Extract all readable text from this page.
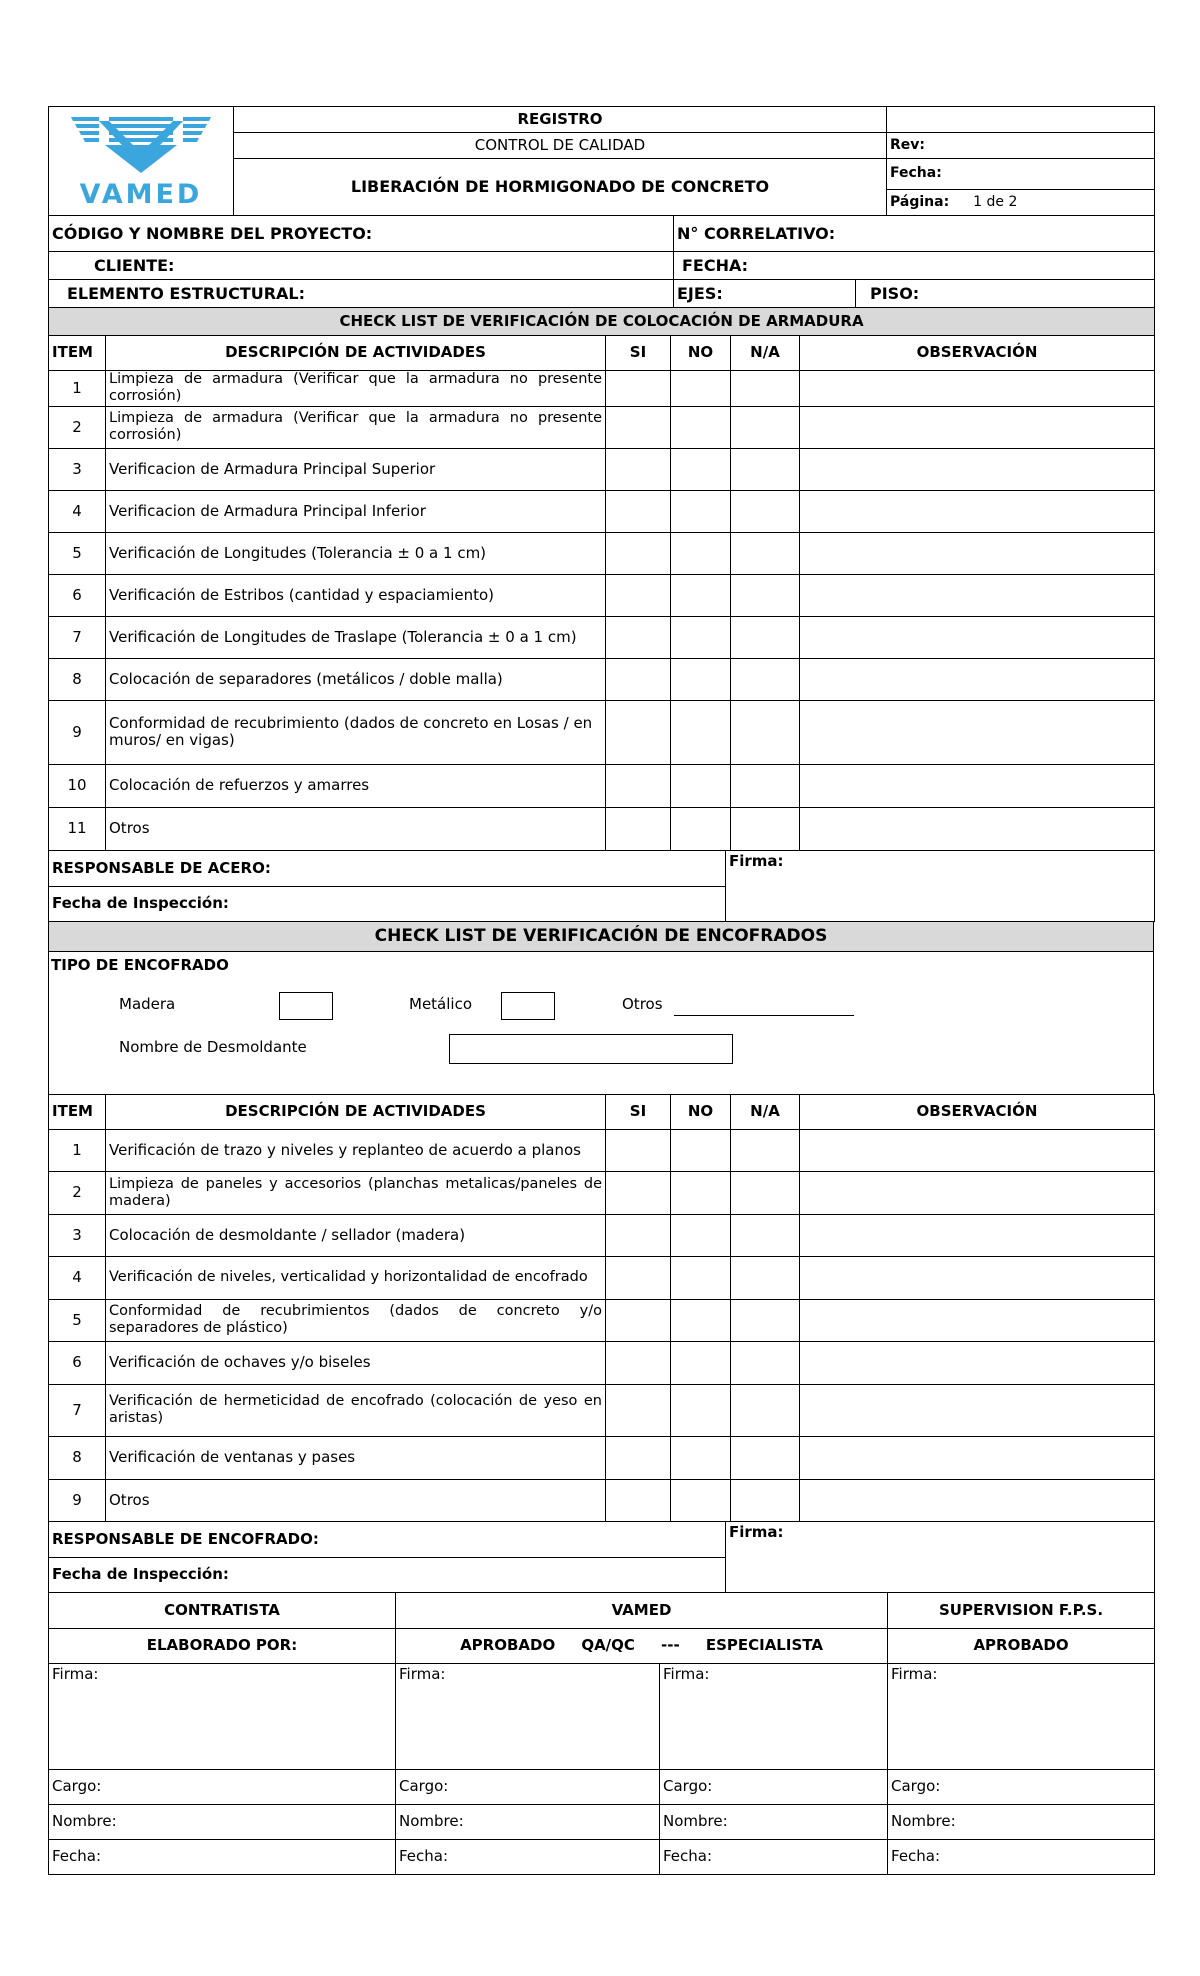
VAMED	REGISTRO	
	CONTROL DE CALIDAD	Rev:
	LIBERACIÓN DE HORMIGONADO DE CONCRETO	Fecha:
		Página: 1 de 2
CÓDIGO Y NOMBRE DEL PROYECTO:	N° CORRELATIVO:
CLIENTE:	FECHA:
ELEMENTO ESTRUCTURAL:	EJES:	PISO:
CHECK LIST DE VERIFICACIÓN DE COLOCACIÓN DE ARMADURA					
ITEM	DESCRIPCIÓN DE ACTIVIDADES	SI	NO	N/A	OBSERVACIÓN
1	Limpieza de armadura (Verificar que la armadura no presente corrosión)				
2	Limpieza de armadura (Verificar que la armadura no presente corrosión)				
3	Verificacion de Armadura Principal Superior				
4	Verificacion de Armadura Principal Inferior				
5	Verificación de Longitudes (Tolerancia ± 0 a 1 cm)				
6	Verificación de Estribos (cantidad y espaciamiento)				
7	Verificación de Longitudes de Traslape (Tolerancia ± 0 a 1 cm)				
8	Colocación de separadores (metálicos / doble malla)				
9	Conformidad de recubrimiento (dados de concreto en Losas / en muros/ en vigas)				
10	Colocación de refuerzos y amarres				
11	Otros				
RESPONSABLE DE ACERO:	Firma:
Fecha de Inspección:
CHECK LIST DE VERIFICACIÓN DE ENCOFRADOS

TIPO DE ENCOFRADO
Madera	Metálico	Otros
Nombre de Desmoldante
ITEM	DESCRIPCIÓN DE ACTIVIDADES	SI	NO	N/A	OBSERVACIÓN
1	Verificación de trazo y niveles y replanteo de acuerdo a planos				
2	Limpieza de paneles y accesorios (planchas metalicas/paneles de madera)				
3	Colocación de desmoldante / sellador (madera)				
4	Verificación de niveles, verticalidad y horizontalidad de encofrado				
5	Conformidad de recubrimientos (dados de concreto y/o separadores de plástico)				
6	Verificación de ochaves y/o biseles				
7	Verificación de hermeticidad de encofrado (colocación de yeso en aristas)				
8	Verificación de ventanas y pases				
9	Otros				
RESPONSABLE DE ENCOFRADO:	Firma:
Fecha de Inspección:
CONTRATISTA	VAMED		SUPERVISION F.P.S.
ELABORADO POR:	APROBADO     QA/QC     ---     ESPECIALISTA		APROBADO
Firma:	Firma:	Firma:	Firma:
Cargo:	Cargo:	Cargo:	Cargo:
Nombre:	Nombre:	Nombre:	Nombre:
Fecha:	Fecha:	Fecha:	Fecha:
